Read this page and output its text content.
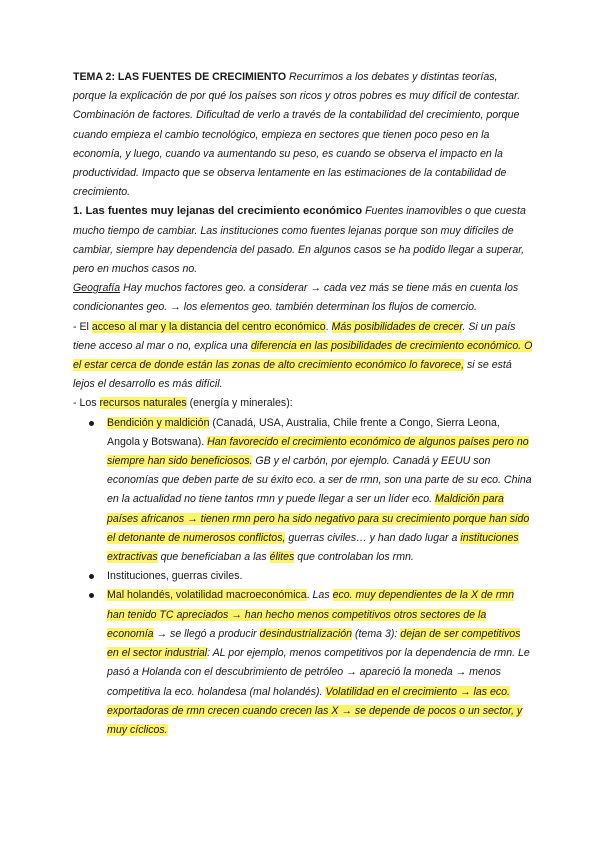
TEMA 2: LAS FUENTES DE CRECIMIENTO Recurrimos a los debates y distintas teorías, porque la explicación de por qué los países son ricos y otros pobres es muy difícil de contestar. Combinación de factores. Dificultad de verlo a través de la contabilidad del crecimiento, porque cuando empieza el cambio tecnológico, empieza en sectores que tienen poco peso en la economía, y luego, cuando va aumentando su peso, es cuando se observa el impacto en la productividad. Impacto que se observa lentamente en las estimaciones de la contabilidad de crecimiento.

1. Las fuentes muy lejanas del crecimiento económico Fuentes inamovibles o que cuesta mucho tiempo de cambiar. Las instituciones como fuentes lejanas porque son muy difíciles de cambiar, siempre hay dependencia del pasado. En algunos casos se ha podido llegar a superar, pero en muchos casos no.

Geografía Hay muchos factores geo. a considerar → cada vez más se tiene más en cuenta los condicionantes geo. → los elementos geo. también determinan los flujos de comercio.

- El acceso al mar y la distancia del centro económico. Más posibilidades de crecer. Si un país tiene acceso al mar o no, explica una diferencia en las posibilidades de crecimiento económico. O el estar cerca de donde están las zonas de alto crecimiento económico lo favorece, si se está lejos el desarrollo es más difícil.

- Los recursos naturales (energía y minerales):

Bendición y maldición (Canadá, USA, Australia, Chile frente a Congo, Sierra Leona, Angola y Botswana). Han favorecido el crecimiento económico de algunos países pero no siempre han sido beneficiosos. GB y el carbón, por ejemplo. Canadá y EEUU son economías que deben parte de su éxito eco. a ser de rmn, son una parte de su eco. China en la actualidad no tiene tantos rmn y puede llegar a ser un líder eco. Maldición para países africanos → tienen rmn pero ha sido negativo para su crecimiento porque han sido el detonante de numerosos conflictos, guerras civiles… y han dado lugar a instituciones extractivas que beneficiaban a las élites que controlaban los rmn.
Instituciones, guerras civiles.
Mal holandés, volatilidad macroeconómica. Las eco. muy dependientes de la X de rmn han tenido TC apreciados → han hecho menos competitivos otros sectores de la economía → se llegó a producir desindustrialización (tema 3): dejan de ser competitivos en el sector industrial: AL por ejemplo, menos competitivos por la dependencia de rmn. Le pasó a Holanda con el descubrimiento de petróleo → apareció la moneda → menos competitiva la eco. holandesa (mal holandés). Volatilidad en el crecimiento → las eco. exportadoras de rmn crecen cuando crecen las X → se depende de pocos o un sector, y muy cíclicos.
